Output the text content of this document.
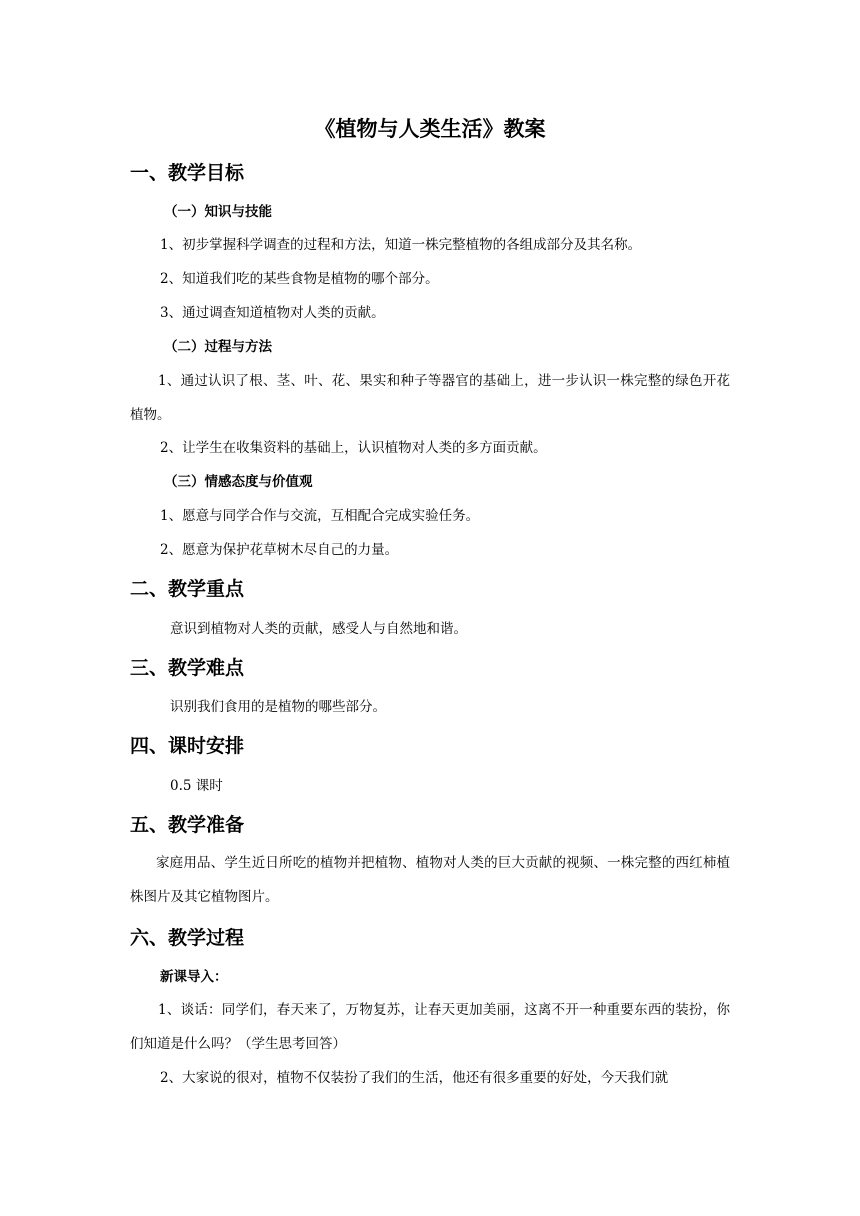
《植物与人类生活》教案
一、教学目标
（一）知识与技能
1、初步掌握科学调查的过程和方法，知道一株完整植物的各组成部分及其名称。
2、知道我们吃的某些食物是植物的哪个部分。
3、通过调查知道植物对人类的贡献。
（二）过程与方法
1、通过认识了根、茎、叶、花、果实和种子等器官的基础上，进一步认识一株完整的绿色开花植物。
2、让学生在收集资料的基础上，认识植物对人类的多方面贡献。
（三）情感态度与价值观
1、愿意与同学合作与交流，互相配合完成实验任务。
2、愿意为保护花草树木尽自己的力量。
二、教学重点
意识到植物对人类的贡献，感受人与自然地和谐。
三、教学难点
识别我们食用的是植物的哪些部分。
四、课时安排
0.5 课时
五、教学准备
家庭用品、学生近日所吃的植物并把植物、植物对人类的巨大贡献的视频、一株完整的西红柿植株图片及其它植物图片。
六、教学过程
新课导入：
1、谈话：同学们，春天来了，万物复苏，让春天更加美丽，这离不开一种重要东西的装扮，你们知道是什么吗？（学生思考回答）
2、大家说的很对，植物不仅装扮了我们的生活，他还有很多重要的好处，今天我们就
